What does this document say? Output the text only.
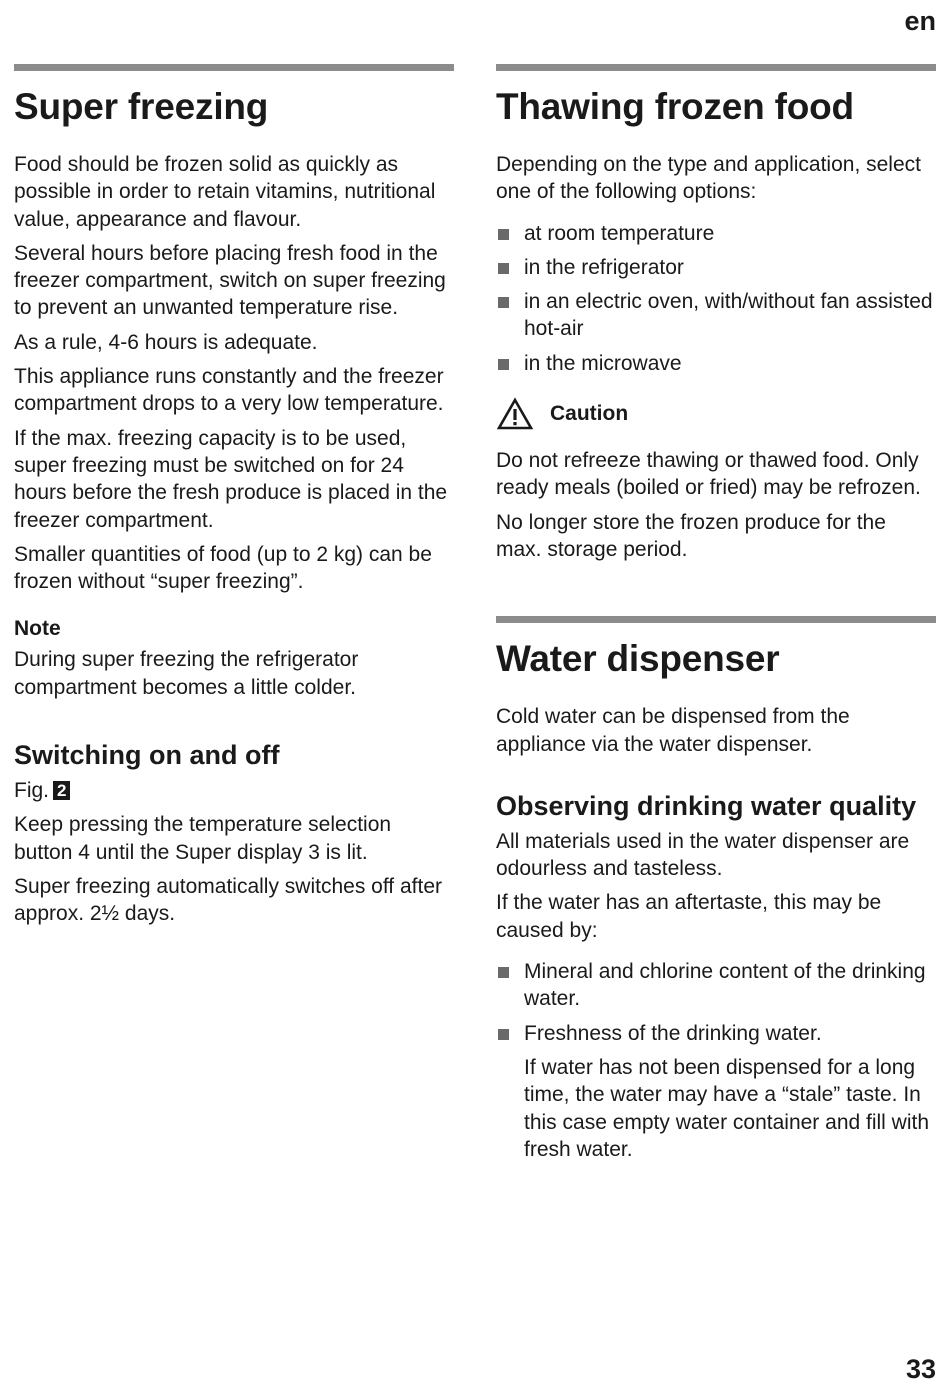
en
Super freezing

Food should be frozen solid as quickly as possible in order to retain vitamins, nutritional value, appearance and flavour.

Several hours before placing fresh food in the freezer compartment, switch on super freezing to prevent an unwanted temperature rise.

As a rule, 4-6 hours is adequate.

This appliance runs constantly and the freezer compartment drops to a very low temperature.

If the max. freezing capacity is to be used, super freezing must be switched on for 24 hours before the fresh produce is placed in the freezer compartment.

Smaller quantities of food (up to 2 kg) can be frozen without “super freezing”.

Note

During super freezing the refrigerator compartment becomes a little colder.

Switching on and off

Fig. 2

Keep pressing the temperature selection button 4 until the Super display 3 is lit.

Super freezing automatically switches off after approx. 2½ days.

Thawing frozen food

Depending on the type and application, select one of the following options:

at room temperature
in the refrigerator
in an electric oven, with/without fan assisted hot-air
in the microwave
Caution

Do not refreeze thawing or thawed food. Only ready meals (boiled or fried) may be refrozen.

No longer store the frozen produce for the max. storage period.

Water dispenser

Cold water can be dispensed from the appliance via the water dispenser.

Observing drinking water quality

All materials used in the water dispenser are odourless and tasteless.

If the water has an aftertaste, this may be caused by:

Mineral and chlorine content of the drinking water.
Freshness of the drinking water.
If water has not been dispensed for a long time, the water may have a “stale” taste. In this case empty water container and fill with fresh water.
33
